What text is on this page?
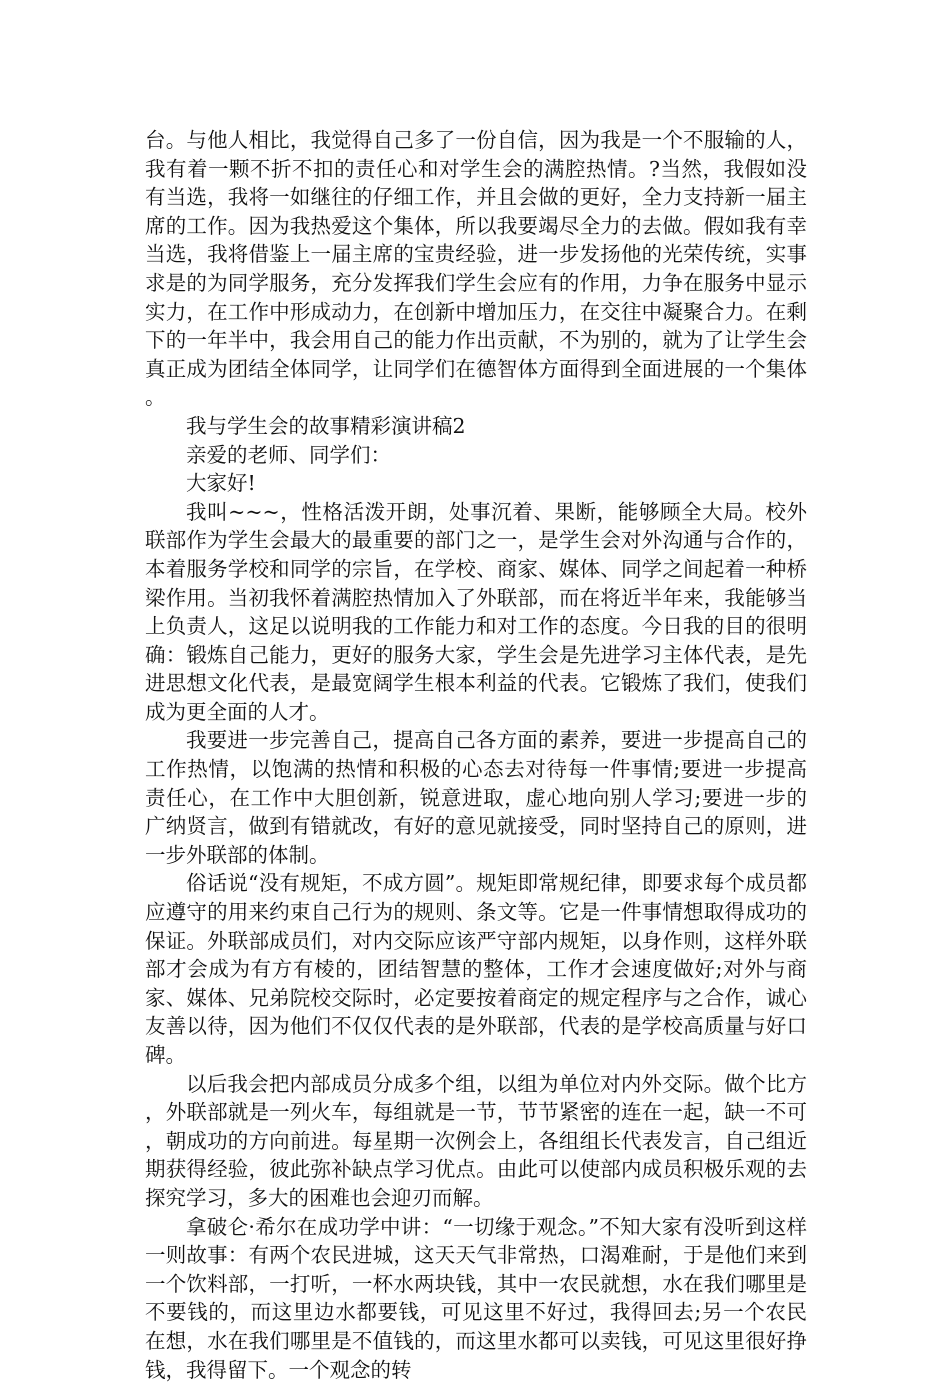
台。与他人相比，我觉得自己多了一份自信，因为我是一个不服输的人，我有着一颗不折不扣的责任心和对学生会的满腔热情。?当然，我假如没有当选，我将一如继往的仔细工作，并且会做的更好，全力支持新一届主席的工作。因为我热爱这个集体，所以我要竭尽全力的去做。假如我有幸当选，我将借鉴上一届主席的宝贵经验，进一步发扬他的光荣传统，实事求是的为同学服务，充分发挥我们学生会应有的作用，力争在服务中显示实力，在工作中形成动力，在创新中增加压力，在交往中凝聚合力。在剩下的一年半中，我会用自己的能力作出贡献，不为别的，就为了让学生会真正成为团结全体同学，让同学们在德智体方面得到全面进展的一个集体。

我与学生会的故事精彩演讲稿2

亲爱的老师、同学们：

大家好!

我叫~~~，性格活泼开朗，处事沉着、果断，能够顾全大局。校外联部作为学生会最大的最重要的部门之一，是学生会对外沟通与合作的，本着服务学校和同学的宗旨，在学校、商家、媒体、同学之间起着一种桥梁作用。当初我怀着满腔热情加入了外联部，而在将近半年来，我能够当上负责人，这足以说明我的工作能力和对工作的态度。今日我的目的很明确：锻炼自己能力，更好的服务大家，学生会是先进学习主体代表，是先进思想文化代表，是最宽阔学生根本利益的代表。它锻炼了我们，使我们成为更全面的人才。

我要进一步完善自己，提高自己各方面的素养，要进一步提高自己的工作热情，以饱满的热情和积极的心态去对待每一件事情;要进一步提高责任心，在工作中大胆创新，锐意进取，虚心地向别人学习;要进一步的广纳贤言，做到有错就改，有好的意见就接受，同时坚持自己的原则，进一步外联部的体制。

俗话说“没有规矩，不成方圆”。规矩即常规纪律，即要求每个成员都应遵守的用来约束自己行为的规则、条文等。它是一件事情想取得成功的保证。外联部成员们，对内交际应该严守部内规矩，以身作则，这样外联部才会成为有方有棱的，团结智慧的整体，工作才会速度做好;对外与商家、媒体、兄弟院校交际时，必定要按着商定的规定程序与之合作，诚心友善以待，因为他们不仅仅代表的是外联部，代表的是学校高质量与好口碑。

以后我会把内部成员分成多个组，以组为单位对内外交际。做个比方，外联部就是一列火车，每组就是一节，节节紧密的连在一起，缺一不可，朝成功的方向前进。每星期一次例会上，各组组长代表发言，自己组近期获得经验，彼此弥补缺点学习优点。由此可以使部内成员积极乐观的去探究学习，多大的困难也会迎刃而解。

拿破仑·希尔在成功学中讲：“一切缘于观念。”不知大家有没听到这样一则故事：有两个农民进城，这天天气非常热，口渴难耐，于是他们来到一个饮料部，一打听，一杯水两块钱，其中一农民就想，水在我们哪里是不要钱的，而这里边水都要钱，可见这里不好过，我得回去;另一个农民在想，水在我们哪里是不值钱的，而这里水都可以卖钱，可见这里很好挣钱，我得留下。一个观念的转
